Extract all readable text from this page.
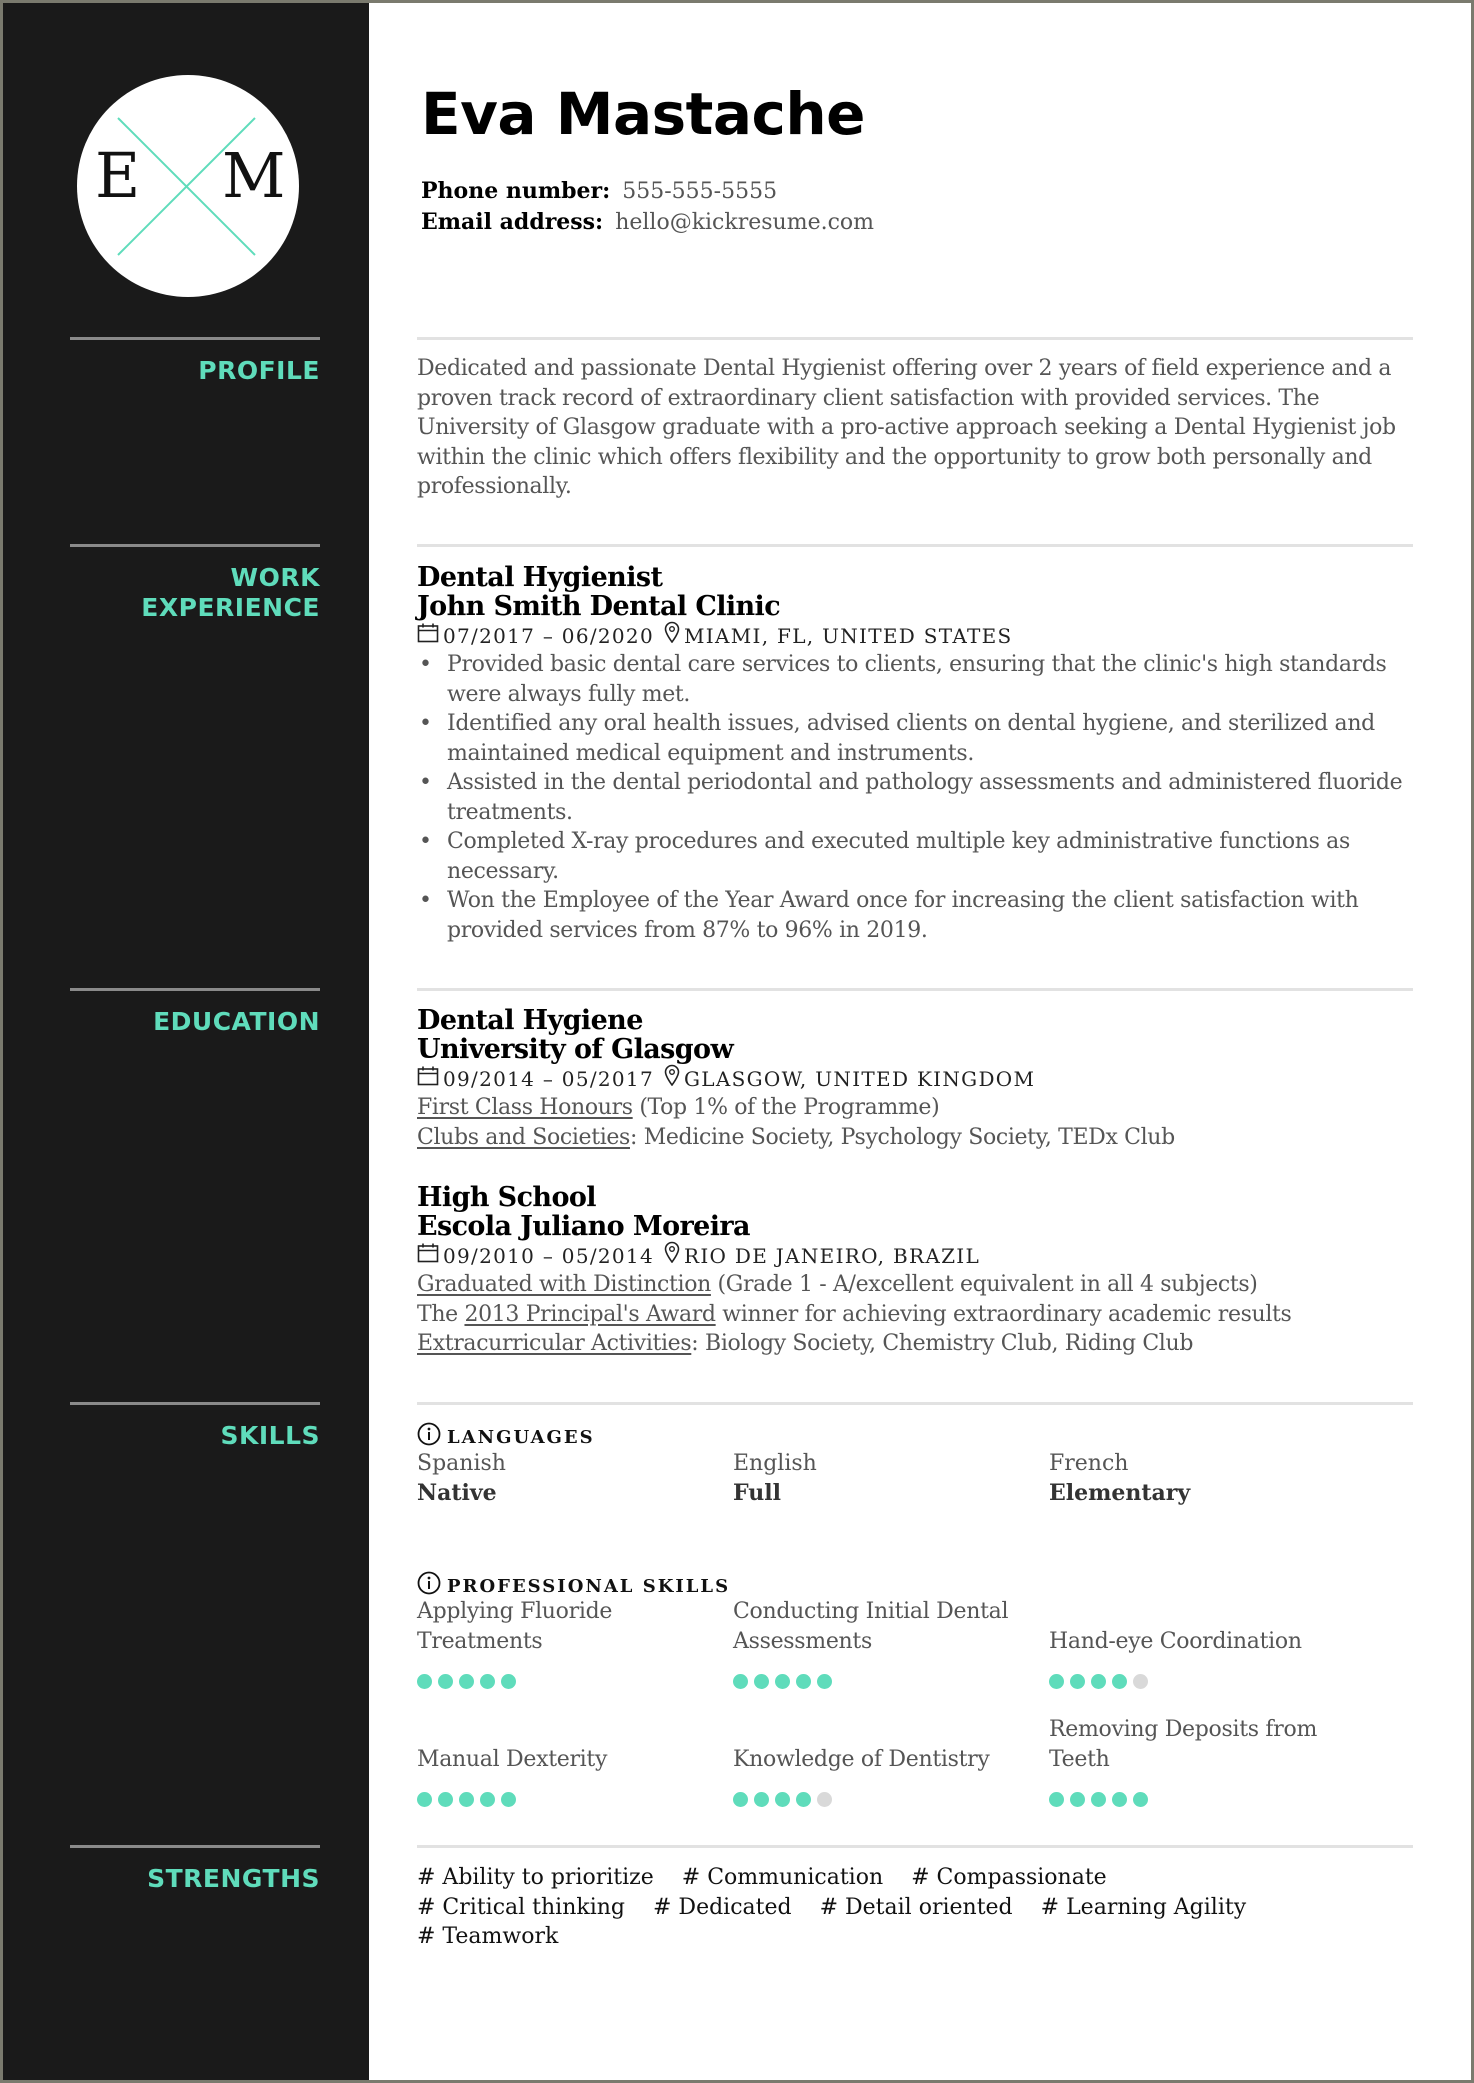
E M
PROFILE
WORK
EXPERIENCE
EDUCATION
SKILLS
STRENGTHS
Eva Mastache
Phone number: 555-555-5555
Email address: hello@kickresume.com
Dedicated and passionate Dental Hygienist offering over 2 years of field experience and a proven track record of extraordinary client satisfaction with provided services. The University of Glasgow graduate with a pro-active approach seeking a Dental Hygienist job within the clinic which offers flexibility and the opportunity to grow both personally and professionally.
Dental Hygienist
John Smith Dental Clinic
07/2017 – 06/2020 MIAMI, FL, UNITED STATES
• Provided basic dental care services to clients, ensuring that the clinic's high standards were always fully met.
• Identified any oral health issues, advised clients on dental hygiene, and sterilized and maintained medical equipment and instruments.
• Assisted in the dental periodontal and pathology assessments and administered fluoride treatments.
• Completed X-ray procedures and executed multiple key administrative functions as necessary.
• Won the Employee of the Year Award once for increasing the client satisfaction with provided services from 87% to 96% in 2019.
Dental Hygiene
University of Glasgow
09/2014 – 05/2017 GLASGOW, UNITED KINGDOM
First Class Honours (Top 1% of the Programme)
Clubs and Societies: Medicine Society, Psychology Society, TEDx Club
High School
Escola Juliano Moreira
09/2010 – 05/2014 RIO DE JANEIRO, BRAZIL
Graduated with Distinction (Grade 1 - A/excellent equivalent in all 4 subjects)
The 2013 Principal's Award winner for achieving extraordinary academic results
Extracurricular Activities: Biology Society, Chemistry Club, Riding Club
LANGUAGES
Spanish
Native
English
Full
French
Elementary
PROFESSIONAL SKILLS
Applying Fluoride Treatments
Conducting Initial Dental Assessments	Hand-eye Coordination
Manual Dexterity	Knowledge of Dentistry
Removing Deposits from Teeth
# Ability to prioritize # Communication # Compassionate
# Critical thinking # Dedicated # Detail oriented # Learning Agility
# Teamwork
